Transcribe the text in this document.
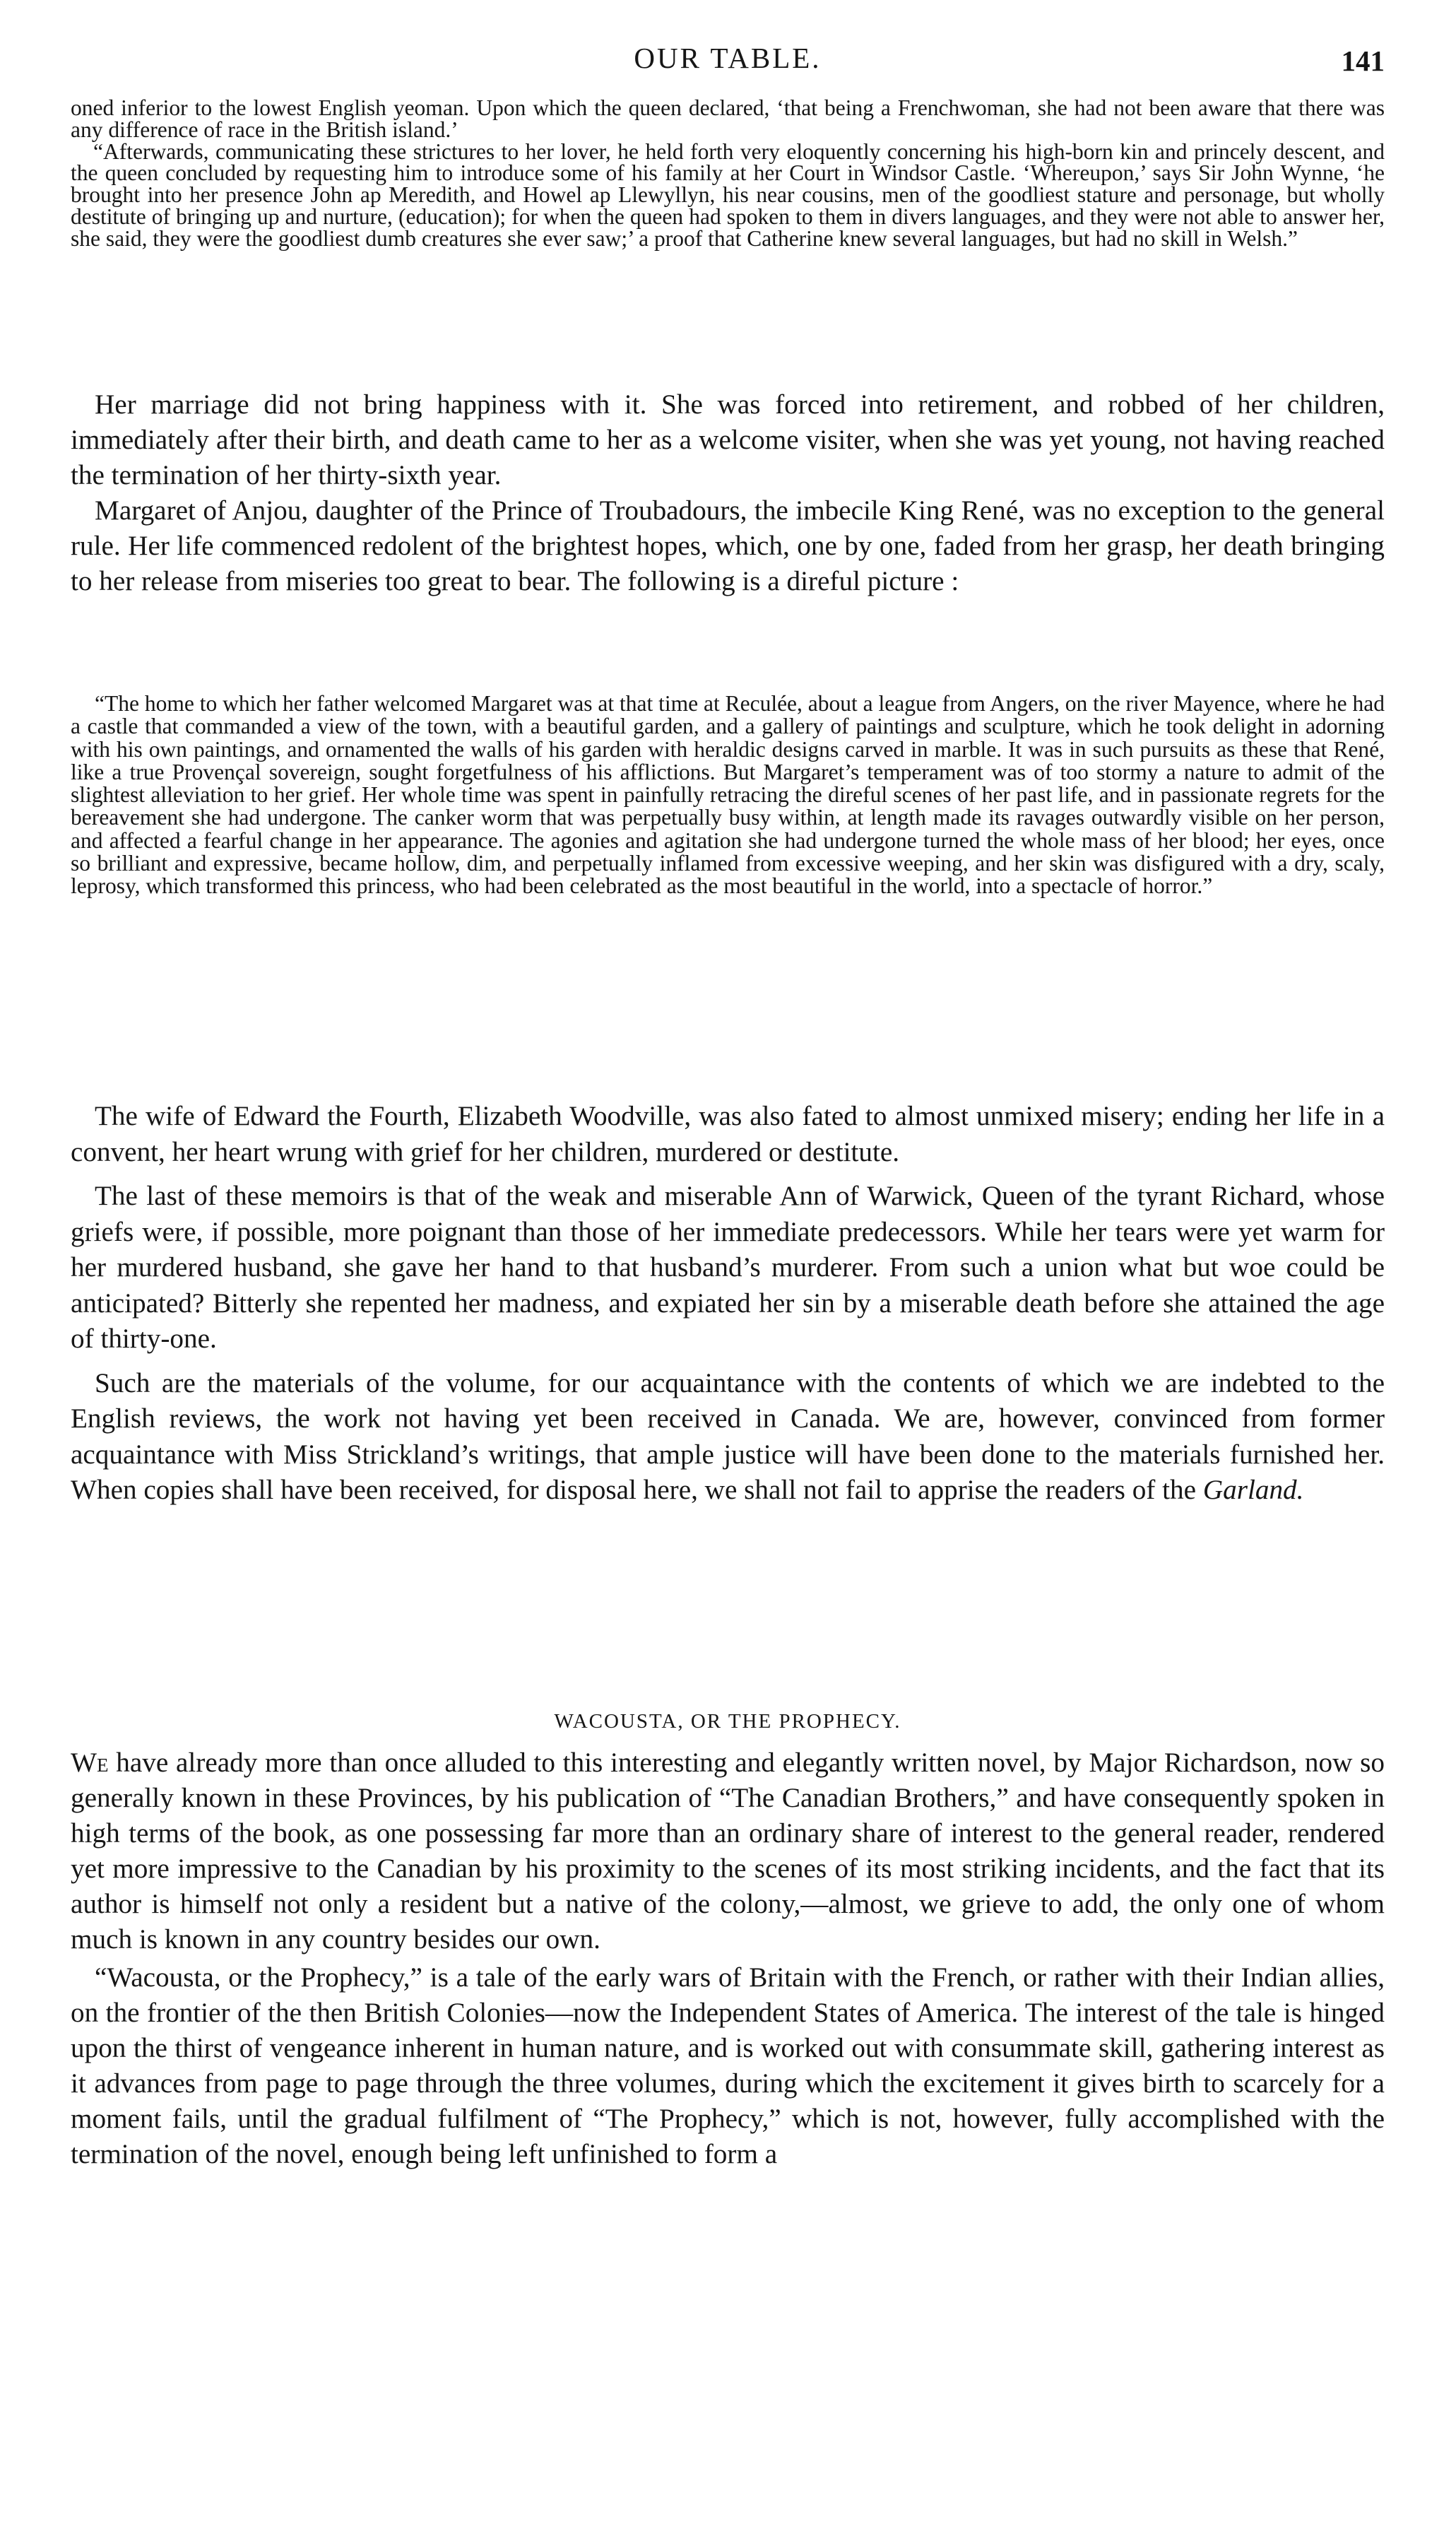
OUR TABLE.	141

oned inferior to the lowest English yeoman. Upon which the queen declared, ‘that being a Frenchwoman, she had not been aware that there was any difference of race in the British island.’

“Afterwards, communicating these strictures to her lover, he held forth very eloquently concerning his high-born kin and princely descent, and the queen concluded by requesting him to introduce some of his family at her Court in Windsor Castle. ‘Whereupon,’ says Sir John Wynne, ‘he brought into her presence John ap Meredith, and Howel ap Llewyllyn, his near cousins, men of the goodliest stature and personage, but wholly destitute of bringing up and nurture, (education); for when the queen had spoken to them in divers languages, and they were not able to answer her, she said, they were the goodliest dumb creatures she ever saw;’ a proof that Catherine knew several languages, but had no skill in Welsh.”

Her marriage did not bring happiness with it. She was forced into retirement, and robbed of her children, immediately after their birth, and death came to her as a welcome visiter, when she was yet young, not having reached the termination of her thirty-sixth year.

Margaret of Anjou, daughter of the Prince of Troubadours, the imbecile King René, was no exception to the general rule. Her life commenced redolent of the brightest hopes, which, one by one, faded from her grasp, her death bringing to her release from miseries too great to bear. The following is a direful picture :

“The home to which her father welcomed Margaret was at that time at Reculée, about a league from Angers, on the river Mayence, where he had a castle that commanded a view of the town, with a beautiful garden, and a gallery of paintings and sculpture, which he took delight in adorning with his own paintings, and ornamented the walls of his garden with heraldic designs carved in marble. It was in such pursuits as these that René, like a true Provençal sovereign, sought forgetfulness of his afflictions. But Margaret’s temperament was of too stormy a nature to admit of the slightest alleviation to her grief. Her whole time was spent in painfully retracing the direful scenes of her past life, and in passionate regrets for the bereavement she had undergone. The canker worm that was perpetually busy within, at length made its ravages outwardly visible on her person, and affected a fearful change in her appearance. The agonies and agitation she had undergone turned the whole mass of her blood; her eyes, once so brilliant and expressive, became hollow, dim, and perpetually inflamed from excessive weeping, and her skin was disfigured with a dry, scaly, leprosy, which transformed this princess, who had been celebrated as the most beautiful in the world, into a spectacle of horror.”

The wife of Edward the Fourth, Elizabeth Woodville, was also fated to almost unmixed misery; ending her life in a convent, her heart wrung with grief for her children, murdered or destitute.

The last of these memoirs is that of the weak and miserable Ann of Warwick, Queen of the tyrant Richard, whose griefs were, if possible, more poignant than those of her immediate predecessors. While her tears were yet warm for her murdered husband, she gave her hand to that husband’s murderer. From such a union what but woe could be anticipated? Bitterly she repented her madness, and expiated her sin by a miserable death before she attained the age of thirty-one.

Such are the materials of the volume, for our acquaintance with the contents of which we are indebted to the English reviews, the work not having yet been received in Canada. We are, however, convinced from former acquaintance with Miss Strickland’s writings, that ample justice will have been done to the materials furnished her. When copies shall have been received, for disposal here, we shall not fail to apprise the readers of the Garland.

WACOUSTA, OR THE PROPHECY.

We have already more than once alluded to this interesting and elegantly written novel, by Major Richardson, now so generally known in these Provinces, by his publication of “The Canadian Brothers,” and have consequently spoken in high terms of the book, as one possessing far more than an ordinary share of interest to the general reader, rendered yet more impressive to the Canadian by his proximity to the scenes of its most striking incidents, and the fact that its author is himself not only a resident but a native of the colony,—almost, we grieve to add, the only one of whom much is known in any country besides our own.

“Wacousta, or the Prophecy,” is a tale of the early wars of Britain with the French, or rather with their Indian allies, on the frontier of the then British Colonies—now the Independent States of America. The interest of the tale is hinged upon the thirst of vengeance inherent in human nature, and is worked out with consummate skill, gathering interest as it advances from page to page through the three volumes, during which the excitement it gives birth to scarcely for a moment fails, until the gradual fulfilment of “The Prophecy,” which is not, however, fully accomplished with the termination of the novel, enough being left unfinished to form a
